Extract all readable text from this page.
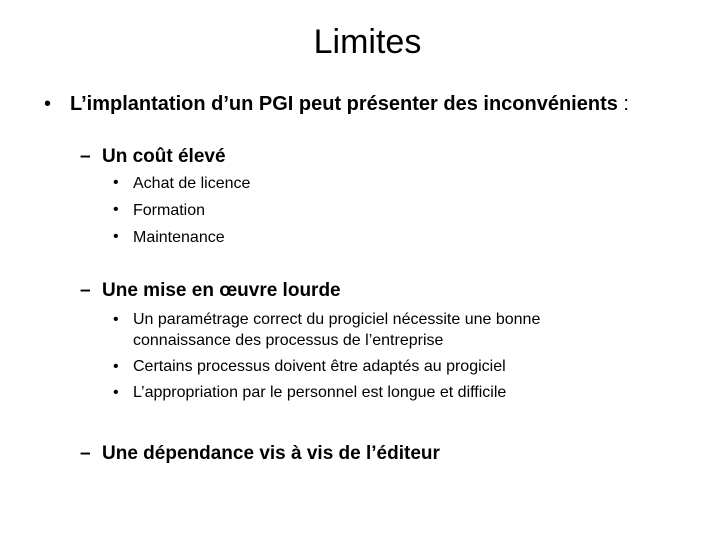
Limites
• L’implantation d’un PGI peut présenter des inconvénients :
– Un coût élevé
• Achat de licence
• Formation
• Maintenance
– Une mise en œuvre lourde
• Un paramétrage correct du progiciel nécessite une bonne
connaissance des processus de l’entreprise
• Certains processus doivent être adaptés au progiciel
• L’appropriation par le personnel est longue et difficile
– Une dépendance vis à vis de l’éditeur
